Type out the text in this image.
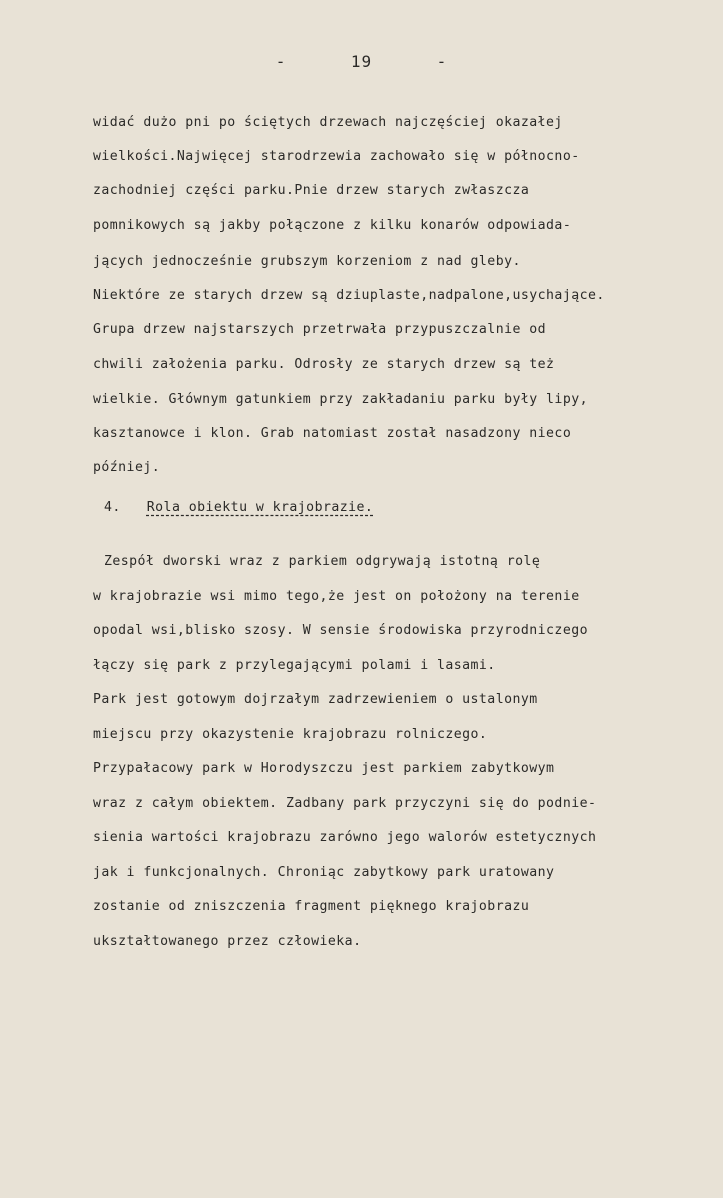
-	19	-
widać dużo pni po ściętych drzewach najczęściej okazałej
wielkości.Najwięcej starodrzewia zachowało się w północno-
zachodniej części parku.Pnie drzew starych zwłaszcza
pomnikowych są jakby połączone z kilku konarów odpowiada-
jących jednocześnie grubszym korzeniom z nad gleby.
Niektóre ze starych drzew są dziuplaste,nadpalone,usychające.
Grupa drzew najstarszych przetrwała przypuszczalnie od
chwili założenia parku. Odrosły ze starych drzew są też
wielkie. Głównym gatunkiem przy zakładaniu parku były lipy,
kasztanowce i klon. Grab natomiast został nasadzony nieco
później.
4. Rola obiektu w krajobrazie.
Zespół dworski wraz z parkiem odgrywają istotną rolę
w krajobrazie wsi mimo tego,że jest on położony na terenie
opodal wsi,blisko szosy. W sensie środowiska przyrodniczego
łączy się park z przylegającymi polami i lasami.
Park jest gotowym dojrzałym zadrzewieniem o ustalonym
miejscu przy okazystenie krajobrazu rolniczego.
Przypałacowy park w Horodyszczu jest parkiem zabytkowym
wraz z całym obiektem. Zadbany park przyczyni się do podnie-
sienia wartości krajobrazu zarówno jego walorów estetycznych
jak i funkcjonalnych. Chroniąc zabytkowy park uratowany
zostanie od zniszczenia fragment pięknego krajobrazu
ukształtowanego przez człowieka.
